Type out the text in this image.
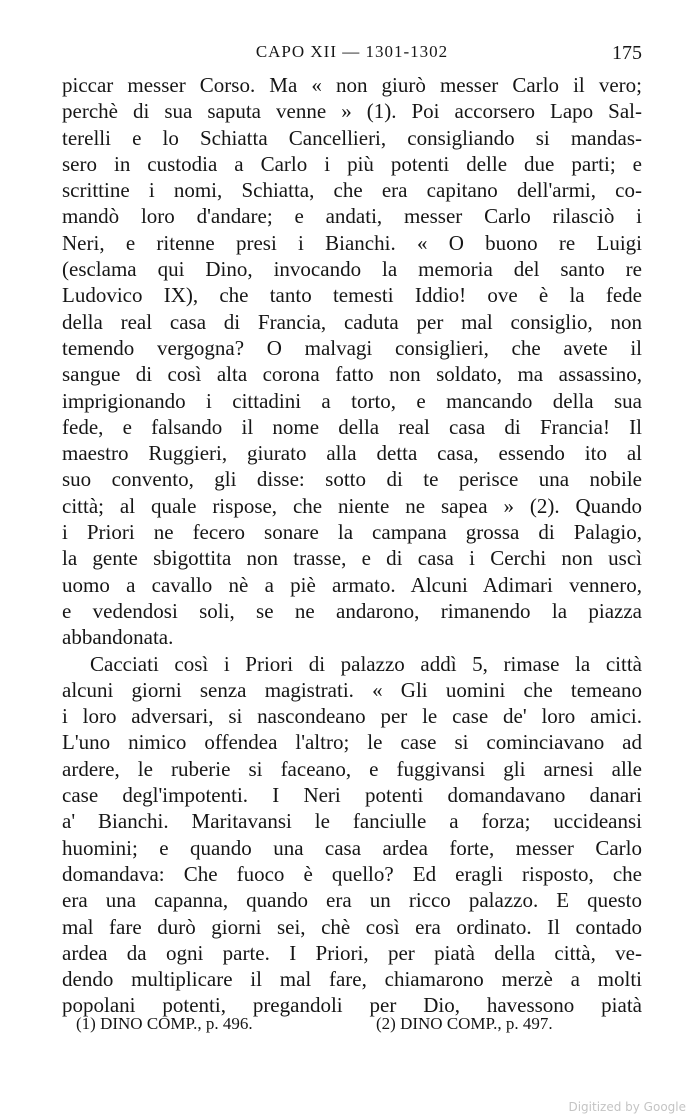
CAPO XII — 1301-1302	175
piccar messer Corso. Ma « non giurò messer Carlo il vero;
perchè di sua saputa venne » (1). Poi accorsero Lapo Sal-
terelli e lo Schiatta Cancellieri, consigliando si mandas-
sero in custodia a Carlo i più potenti delle due parti; e
scrittine i nomi, Schiatta, che era capitano dell'armi, co-
mandò loro d'andare; e andati, messer Carlo rilasciò i
Neri, e ritenne presi i Bianchi. « O buono re Luigi
(esclama qui Dino, invocando la memoria del santo re
Ludovico IX), che tanto temesti Iddio! ove è la fede
della real casa di Francia, caduta per mal consiglio, non
temendo vergogna? O malvagi consiglieri, che avete il
sangue di così alta corona fatto non soldato, ma assassino,
imprigionando i cittadini a torto, e mancando della sua
fede, e falsando il nome della real casa di Francia! Il
maestro Ruggieri, giurato alla detta casa, essendo ito al
suo convento, gli disse: sotto di te perisce una nobile
città; al quale rispose, che niente ne sapea » (2). Quando
i Priori ne fecero sonare la campana grossa di Palagio,
la gente sbigottita non trasse, e di casa i Cerchi non uscì
uomo a cavallo nè a piè armato. Alcuni Adimari vennero,
e vedendosi soli, se ne andarono, rimanendo la piazza
abbandonata.
Cacciati così i Priori di palazzo addì 5, rimase la città
alcuni giorni senza magistrati. « Gli uomini che temeano
i loro adversari, si nascondeano per le case de' loro amici.
L'uno nimico offendea l'altro; le case si cominciavano ad
ardere, le ruberie si faceano, e fuggivansi gli arnesi alle
case degl'impotenti. I Neri potenti domandavano danari
a' Bianchi. Maritavansi le fanciulle a forza; uccideansi
huomini; e quando una casa ardea forte, messer Carlo
domandava: Che fuoco è quello? Ed eragli risposto, che
era una capanna, quando era un ricco palazzo. E questo
mal fare durò giorni sei, chè così era ordinato. Il contado
ardea da ogni parte. I Priori, per piatà della città, ve-
dendo multiplicare il mal fare, chiamarono merzè a molti
popolani potenti, pregandoli per Dio, havessono piatà
(1) DINO COMP., p. 496.	(2) DINO COMP., p. 497.
Digitized by Google
